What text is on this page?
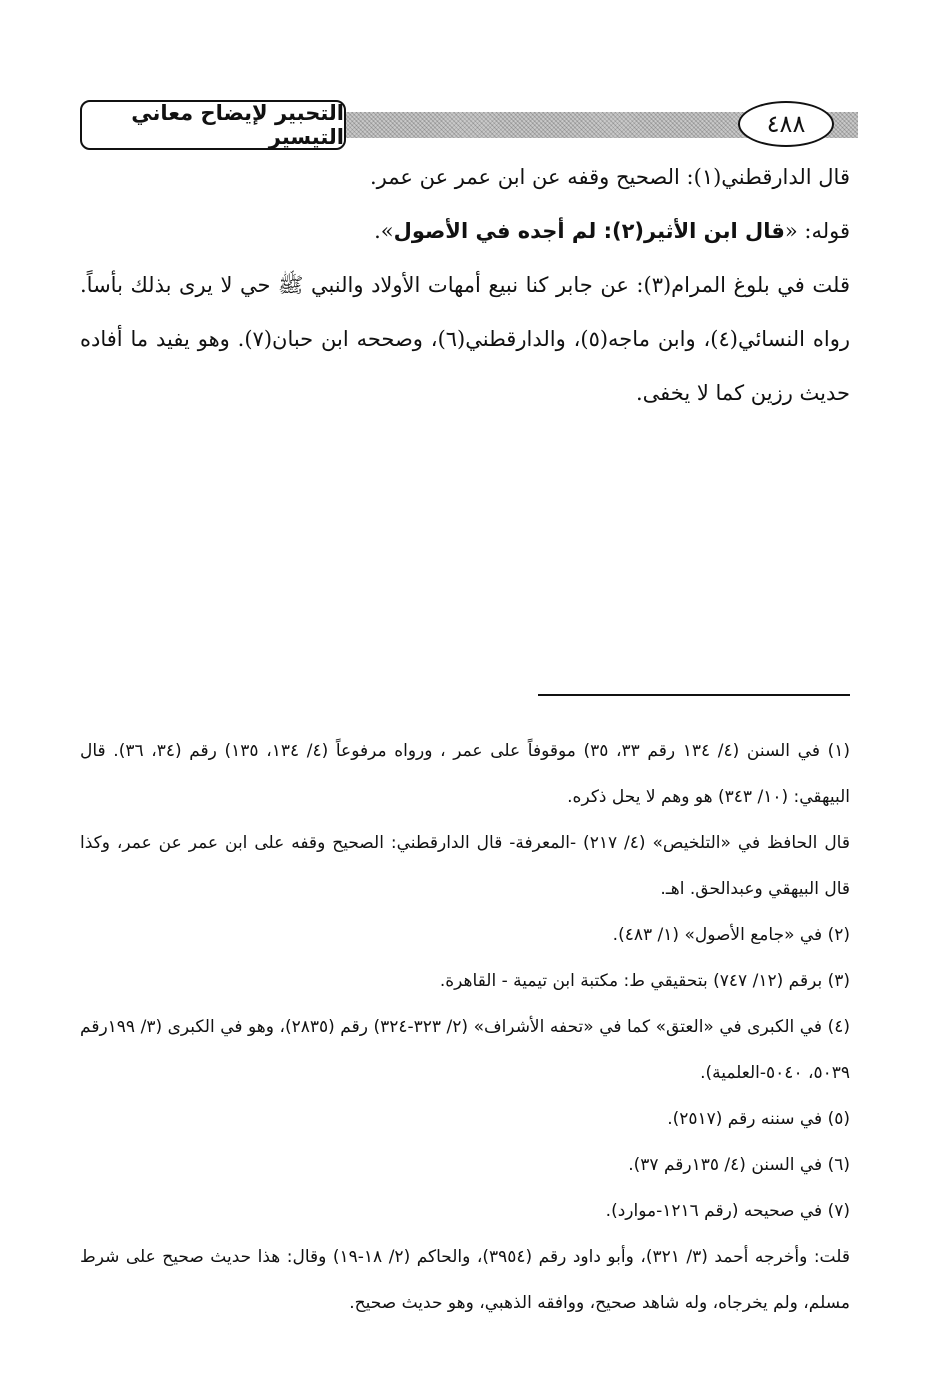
التحبير لإيضاح معاني التيسير	٤٨٨

قال الدارقطني(١): الصحيح وقفه عن ابن عمر عن عمر.

قوله: «قال ابن الأثير(٢): لم أجده في الأصول».

قلت في بلوغ المرام(٣): عن جابر كنا نبيع أمهات الأولاد والنبي ﷺ حي لا يرى بذلك بأساً. رواه النسائي(٤)، وابن ماجه(٥)، والدارقطني(٦)، وصححه ابن حبان(٧). وهو يفيد ما أفاده حديث رزين كما لا يخفى.

(١) في السنن (٤/ ١٣٤ رقم ٣٣، ٣٥) موقوفاً على عمر ، ورواه مرفوعاً (٤/ ١٣٤، ١٣٥) رقم (٣٤، ٣٦). قال البيهقي: (١٠/ ٣٤٣) هو وهم لا يحل ذكره.

قال الحافظ في «التلخيص» (٤/ ٢١٧) -المعرفة- قال الدارقطني: الصحيح وقفه على ابن عمر عن عمر، وكذا قال البيهقي وعبدالحق. اهـ.

(٢) في «جامع الأصول» (١/ ٤٨٣).

(٣) برقم (١٢/ ٧٤٧) بتحقيقي ط: مكتبة ابن تيمية - القاهرة.

(٤) في الكبرى في «العتق» كما في «تحفه الأشراف» (٢/ ٣٢٣-٣٢٤) رقم (٢٨٣٥)، وهو في الكبرى (٣/ ١٩٩رقم ٥٠٣٩، ٥٠٤٠-العلمية).

(٥) في سننه رقم (٢٥١٧).

(٦) في السنن (٤/ ١٣٥رقم ٣٧).

(٧) في صحيحه (رقم ١٢١٦-موارد).

قلت: وأخرجه أحمد (٣/ ٣٢١)، وأبو داود رقم (٣٩٥٤)، والحاكم (٢/ ١٨-١٩) وقال: هذا حديث صحيح على شرط مسلم، ولم يخرجاه، وله شاهد صحيح، ووافقه الذهبي، وهو حديث صحيح.
